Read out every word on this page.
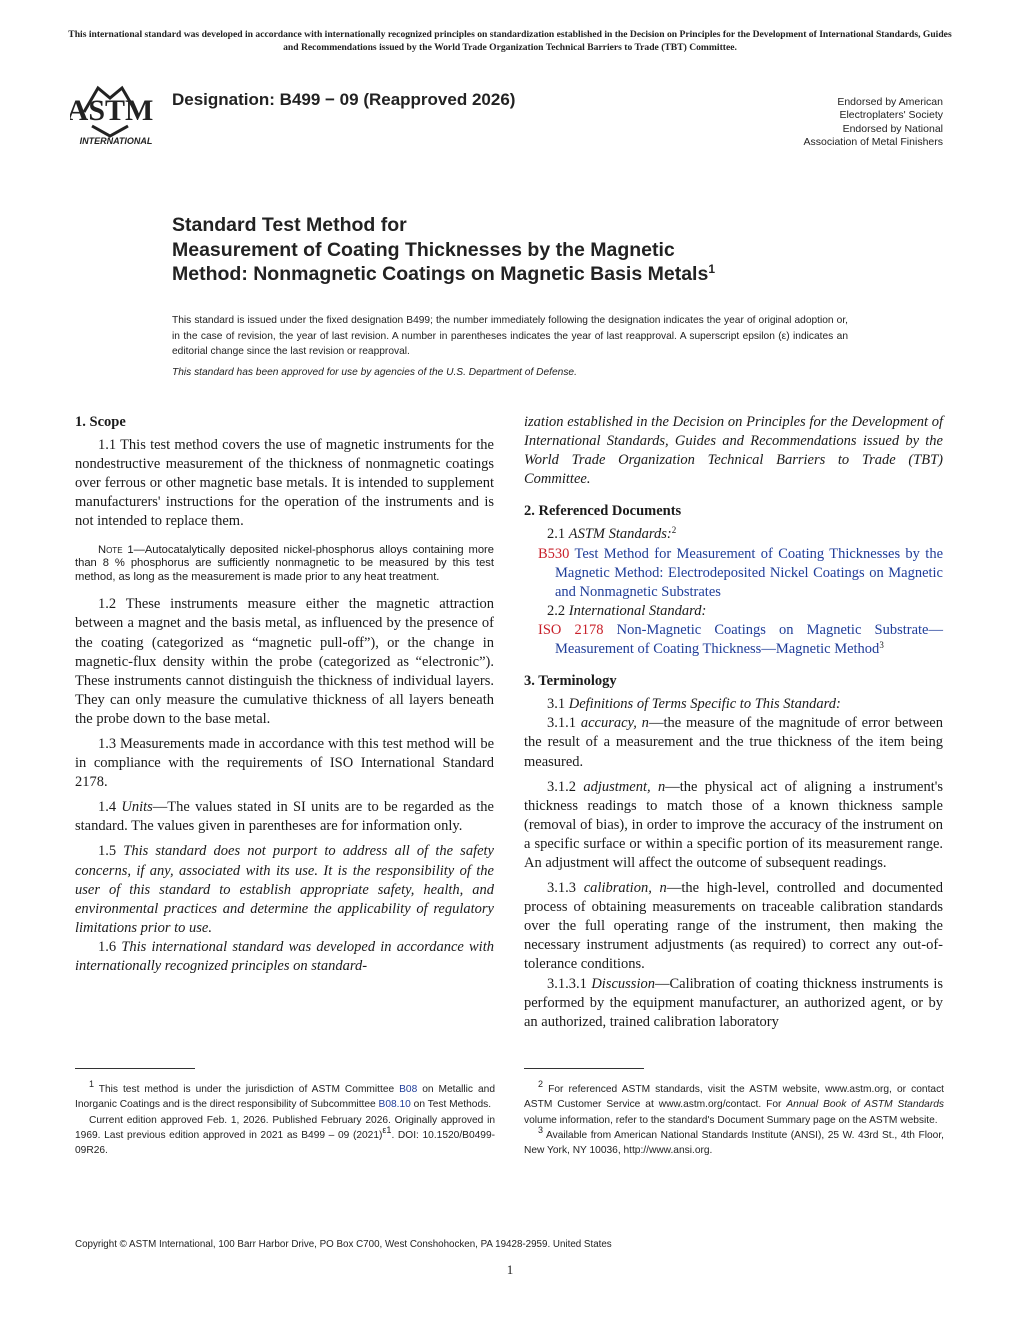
This international standard was developed in accordance with internationally recognized principles on standardization established in the Decision on Principles for the Development of International Standards, Guides and Recommendations issued by the World Trade Organization Technical Barriers to Trade (TBT) Committee.
ASTM
INTERNATIONAL
Designation: B499 − 09 (Reapproved 2026)	Endorsed by American
Electroplaters' Society
Endorsed by National
Association of Metal Finishers
Standard Test Method for
Measurement of Coating Thicknesses by the Magnetic
Method: Nonmagnetic Coatings on Magnetic Basis Metals$^1$
This standard is issued under the fixed designation B499; the number immediately following the designation indicates the year of original adoption or, in the case of revision, the year of last revision. A number in parentheses indicates the year of last reapproval. A superscript epsilon (ε) indicates an editorial change since the last revision or reapproval.
This standard has been approved for use by agencies of the U.S. Department of Defense.

1. Scope

1.1 This test method covers the use of magnetic instruments for the nondestructive measurement of the thickness of nonmagnetic coatings over ferrous or other magnetic base metals. It is intended to supplement manufacturers' instructions for the operation of the instruments and is not intended to replace them.

Note 1—Autocatalytically deposited nickel-phosphorus alloys containing more than 8 % phosphorus are sufficiently nonmagnetic to be measured by this test method, as long as the measurement is made prior to any heat treatment.

1.2 These instruments measure either the magnetic attraction between a magnet and the basis metal, as influenced by the presence of the coating (categorized as “magnetic pull-off”), or the change in magnetic-flux density within the probe (categorized as “electronic”). These instruments cannot distinguish the thickness of individual layers. They can only measure the cumulative thickness of all layers beneath the probe down to the base metal.

1.3 Measurements made in accordance with this test method will be in compliance with the requirements of ISO International Standard 2178.

1.4 Units—The values stated in SI units are to be regarded as the standard. The values given in parentheses are for information only.

1.5 This standard does not purport to address all of the safety concerns, if any, associated with its use. It is the responsibility of the user of this standard to establish appropriate safety, health, and environmental practices and determine the applicability of regulatory limitations prior to use.

1.6 This international standard was developed in accordance with internationally recognized principles on standard-

ization established in the Decision on Principles for the Development of International Standards, Guides and Recommendations issued by the World Trade Organization Technical Barriers to Trade (TBT) Committee.

2. Referenced Documents

2.1 ASTM Standards:$^2$

B530 Test Method for Measurement of Coating Thicknesses by the Magnetic Method: Electrodeposited Nickel Coatings on Magnetic and Nonmagnetic Substrates

2.2 International Standard:

ISO 2178 Non-Magnetic Coatings on Magnetic Substrate—Measurement of Coating Thickness—Magnetic Method$^3$

3. Terminology

3.1 Definitions of Terms Specific to This Standard:

3.1.1 accuracy, n—the measure of the magnitude of error between the result of a measurement and the true thickness of the item being measured.

3.1.2 adjustment, n—the physical act of aligning a instrument's thickness readings to match those of a known thickness sample (removal of bias), in order to improve the accuracy of the instrument on a specific surface or within a specific portion of its measurement range. An adjustment will affect the outcome of subsequent readings.

3.1.3 calibration, n—the high-level, controlled and documented process of obtaining measurements on traceable calibration standards over the full operating range of the instrument, then making the necessary instrument adjustments (as required) to correct any out-of-tolerance conditions.

3.1.3.1 Discussion—Calibration of coating thickness instruments is performed by the equipment manufacturer, an authorized agent, or by an authorized, trained calibration laboratory

$^1$ This test method is under the jurisdiction of ASTM Committee B08 on Metallic and Inorganic Coatings and is the direct responsibility of Subcommittee B08.10 on Test Methods.

Current edition approved Feb. 1, 2026. Published February 2026. Originally approved in 1969. Last previous edition approved in 2021 as B499 – 09 $(2021)^{\varepsilon 1}$. DOI: 10.1520/B0499-09R26.

$^2$ For referenced ASTM standards, visit the ASTM website, www.astm.org, or contact ASTM Customer Service at www.astm.org/contact. For Annual Book of ASTM Standards volume information, refer to the standard's Document Summary page on the ASTM website.

$^3$ Available from American National Standards Institute (ANSI), 25 W. 43rd St., 4th Floor, New York, NY 10036, http://www.ansi.org.

Copyright © ASTM International, 100 Barr Harbor Drive, PO Box C700, West Conshohocken, PA 19428-2959. United States
1
